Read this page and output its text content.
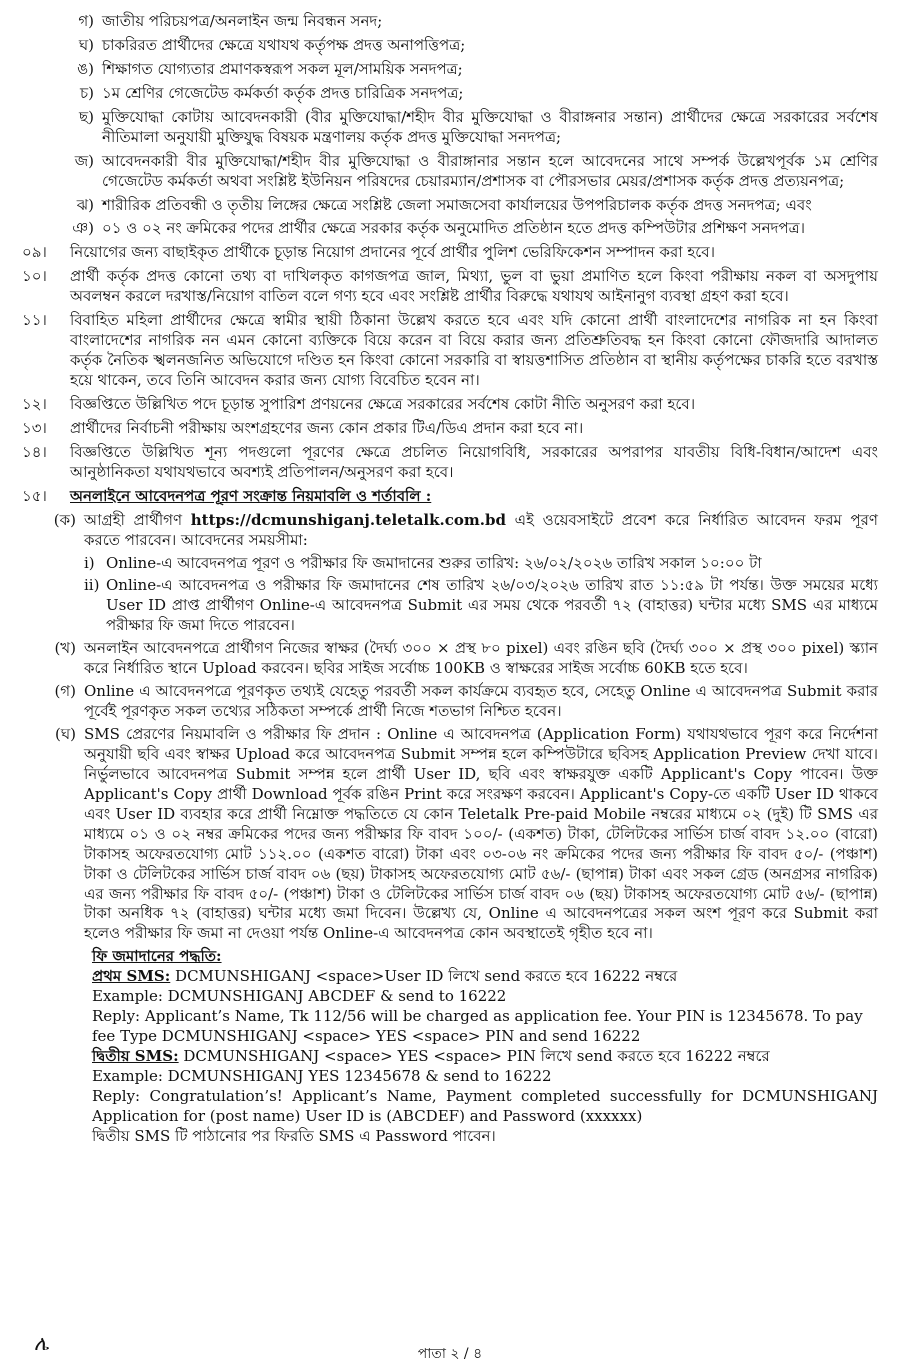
গ) জাতীয় পরিচয়পত্র/অনলাইন জন্ম নিবন্ধন সনদ;
ঘ) চাকরিরত প্রার্থীদের ক্ষেত্রে যথাযথ কর্তৃপক্ষ প্রদত্ত অনাপত্তিপত্র;
ঙ) শিক্ষাগত যোগ্যতার প্রমাণকস্বরূপ সকল মূল/সাময়িক সনদপত্র;
চ) ১ম শ্রেণির গেজেটেড কর্মকর্তা কর্তৃক প্রদত্ত চারিত্রিক সনদপত্র;
ছ) মুক্তিযোদ্ধা কোটায় আবেদনকারী (বীর মুক্তিযোদ্ধা/শহীদ বীর মুক্তিযোদ্ধা ও বীরাঙ্গনার সন্তান) প্রার্থীদের ক্ষেত্রে সরকারের সর্বশেষ নীতিমালা অনুযায়ী মুক্তিযুদ্ধ বিষয়ক মন্ত্রণালয় কর্তৃক প্রদত্ত মুক্তিযোদ্ধা সনদপত্র;
জ) আবেদনকারী বীর মুক্তিযোদ্ধা/শহীদ বীর মুক্তিযোদ্ধা ও বীরাঙ্গানার সন্তান হলে আবেদনের সাথে সম্পর্ক উল্লেখপূর্বক ১ম শ্রেণির গেজেটেড কর্মকর্তা অথবা সংশ্লিষ্ট ইউনিয়ন পরিষদের চেয়ারম্যান/প্রশাসক বা পৌরসভার মেয়র/প্রশাসক কর্তৃক প্রদত্ত প্রত্যয়নপত্র;
ঝ) শারীরিক প্রতিবন্ধী ও তৃতীয় লিঙ্গের ক্ষেত্রে সংশ্লিষ্ট জেলা সমাজসেবা কার্যালয়ের উপপরিচালক কর্তৃক প্রদত্ত সনদপত্র; এবং
ঞ) ০১ ও ০২ নং ক্রমিকের পদের প্রার্থীর ক্ষেত্রে সরকার কর্তৃক অনুমোদিত প্রতিষ্ঠান হতে প্রদত্ত কম্পিউটার প্রশিক্ষণ সনদপত্র।
০৯।	নিয়োগের জন্য বাছাইকৃত প্রার্থীকে চূড়ান্ত নিয়োগ প্রদানের পূর্বে প্রার্থীর পুলিশ ভেরিফিকেশন সম্পাদন করা হবে।
১০।	প্রার্থী কর্তৃক প্রদত্ত কোনো তথ্য বা দাখিলকৃত কাগজপত্র জাল, মিথ্যা, ভুল বা ভুয়া প্রমাণিত হলে কিংবা পরীক্ষায় নকল বা অসদুপায় অবলম্বন করলে দরখাস্ত/নিয়োগ বাতিল বলে গণ্য হবে এবং সংশ্লিষ্ট প্রার্থীর বিরুদ্ধে যথাযথ আইনানুগ ব্যবস্থা গ্রহণ করা হবে।
১১।	বিবাহিত মহিলা প্রার্থীদের ক্ষেত্রে স্বামীর স্থায়ী ঠিকানা উল্লেখ করতে হবে এবং যদি কোনো প্রার্থী বাংলাদেশের নাগরিক না হন কিংবা বাংলাদেশের নাগরিক নন এমন কোনো ব্যক্তিকে বিয়ে করেন বা বিয়ে করার জন্য প্রতিশ্রুতিবদ্ধ হন কিংবা কোনো ফৌজদারি আদালত কর্তৃক নৈতিক স্খলনজনিত অভিযোগে দণ্ডিত হন কিংবা কোনো সরকারি বা স্বায়ত্তশাসিত প্রতিষ্ঠান বা স্থানীয় কর্তৃপক্ষের চাকরি হতে বরখাস্ত হয়ে থাকেন, তবে তিনি আবেদন করার জন্য যোগ্য বিবেচিত হবেন না।
১২।	বিজ্ঞপ্তিতে উল্লিখিত পদে চূড়ান্ত সুপারিশ প্রণয়নের ক্ষেত্রে সরকারের সর্বশেষ কোটা নীতি অনুসরণ করা হবে।
১৩।	প্রার্থীদের নির্বাচনী পরীক্ষায় অংশগ্রহণের জন্য কোন প্রকার টিএ/ডিএ প্রদান করা হবে না।
১৪।	বিজ্ঞপ্তিতে উল্লিখিত শূন্য পদগুলো পূরণের ক্ষেত্রে প্রচলিত নিয়োগবিধি, সরকারের অপরাপর যাবতীয় বিধি-বিধান/আদেশ এবং আনুষ্ঠানিকতা যথাযথভাবে অবশ্যই প্রতিপালন/অনুসরণ করা হবে।
১৫।	অনলাইনে আবেদনপত্র পূরণ সংক্রান্ত নিয়মাবলি ও শর্তাবলি :
(ক) আগ্রহী প্রার্থীগণ https://dcmunshiganj.teletalk.com.bd এই ওয়েবসাইটে প্রবেশ করে নির্ধারিত আবেদন ফরম পূরণ করতে পারবেন। আবেদনের সময়সীমা:
i) Online-এ আবেদনপত্র পূরণ ও পরীক্ষার ফি জমাদানের শুরুর তারিখ: ২৬/০২/২০২৬ তারিখ সকাল ১০:০০ টা
ii) Online-এ আবেদনপত্র ও পরীক্ষার ফি জমাদানের শেষ তারিখ ২৬/০৩/২০২৬ তারিখ রাত ১১:৫৯ টা পর্যন্ত। উক্ত সময়ের মধ্যে User ID প্রাপ্ত প্রার্থীগণ Online-এ আবেদনপত্র Submit এর সময় থেকে পরবর্তী ৭২ (বাহাত্তর) ঘন্টার মধ্যে SMS এর মাধ্যমে পরীক্ষার ফি জমা দিতে পারবেন।
(খ) অনলাইন আবেদনপত্রে প্রার্থীগণ নিজের স্বাক্ষর (দৈর্ঘ্য ৩০০ × প্রস্থ ৮০ pixel) এবং রঙিন ছবি (দৈর্ঘ্য ৩০০ × প্রস্থ ৩০০ pixel) স্ক্যান করে নির্ধারিত স্থানে Upload করবেন। ছবির সাইজ সর্বোচ্চ 100KB ও স্বাক্ষরের সাইজ সর্বোচ্চ 60KB হতে হবে।
(গ) Online এ আবেদনপত্রে পূরণকৃত তথ্যই যেহেতু পরবর্তী সকল কার্যক্রমে ব্যবহৃত হবে, সেহেতু Online এ আবেদনপত্র Submit করার পূর্বেই পূরণকৃত সকল তথ্যের সঠিকতা সম্পর্কে প্রার্থী নিজে শতভাগ নিশ্চিত হবেন।
(ঘ) SMS প্রেরণের নিয়মাবলি ও পরীক্ষার ফি প্রদান : Online এ আবেদনপত্র (Application Form) যথাযথভাবে পূরণ করে নির্দেশনা অনুযায়ী ছবি এবং স্বাক্ষর Upload করে আবেদনপত্র Submit সম্পন্ন হলে কম্পিউটারে ছবিসহ Application Preview দেখা যাবে। নির্ভুলভাবে আবেদনপত্র Submit সম্পন্ন হলে প্রার্থী User ID, ছবি এবং স্বাক্ষরযুক্ত একটি Applicant's Copy পাবেন। উক্ত Applicant's Copy প্রার্থী Download পূর্বক রঙিন Print করে সংরক্ষণ করবেন। Applicant's Copy-তে একটি User ID থাকবে এবং User ID ব্যবহার করে প্রার্থী নিম্নোক্ত পদ্ধতিতে যে কোন Teletalk Pre-paid Mobile নম্বরের মাধ্যমে ০২ (দুই) টি SMS এর মাধ্যমে ০১ ও ০২ নম্বর ক্রমিকের পদের জন্য পরীক্ষার ফি বাবদ ১০০/- (একশত) টাকা, টেলিটকের সার্ভিস চার্জ বাবদ ১২.০০ (বারো) টাকাসহ অফেরতযোগ্য মোট ১১২.০০ (একশত বারো) টাকা এবং ০৩-০৬ নং ক্রমিকের পদের জন্য পরীক্ষার ফি বাবদ ৫০/- (পঞ্চাশ) টাকা ও টেলিটকের সার্ভিস চার্জ বাবদ ০৬ (ছয়) টাকাসহ অফেরতযোগ্য মোট ৫৬/- (ছাপান্ন) টাকা এবং সকল গ্রেড (অনগ্রসর নাগরিক) এর জন্য পরীক্ষার ফি বাবদ ৫০/- (পঞ্চাশ) টাকা ও টেলিটকের সার্ভিস চার্জ বাবদ ০৬ (ছয়) টাকাসহ অফেরতযোগ্য মোট ৫৬/- (ছাপান্ন) টাকা অনধিক ৭২ (বাহাত্তর) ঘন্টার মধ্যে জমা দিবেন। উল্লেখ্য যে, Online এ আবেদনপত্রের সকল অংশ পূরণ করে Submit করা হলেও পরীক্ষার ফি জমা না দেওয়া পর্যন্ত Online-এ আবেদনপত্র কোন অবস্থাতেই গৃহীত হবে না।
ফি জমাদানের পদ্ধতি:
প্রথম SMS: DCMUNSHIGANJ <space>User ID লিখে send করতে হবে 16222 নম্বরে
Example: DCMUNSHIGANJ ABCDEF & send to 16222
Reply: Applicant’s Name, Tk 112/56 will be charged as application fee. Your PIN is 12345678. To pay fee Type DCMUNSHIGANJ <space> YES <space> PIN and send 16222
দ্বিতীয় SMS: DCMUNSHIGANJ <space> YES <space> PIN লিখে send করতে হবে 16222 নম্বরে
Example: DCMUNSHIGANJ YES 12345678 & send to 16222
Reply: Congratulation’s! Applicant’s Name, Payment completed successfully for DCMUNSHIGANJ Application for (post name) User ID is (ABCDEF) and Password (xxxxxx)
দ্বিতীয় SMS টি পাঠানোর পর ফিরতি SMS এ Password পাবেন।
ሌ	পাতা ২ / ৪
